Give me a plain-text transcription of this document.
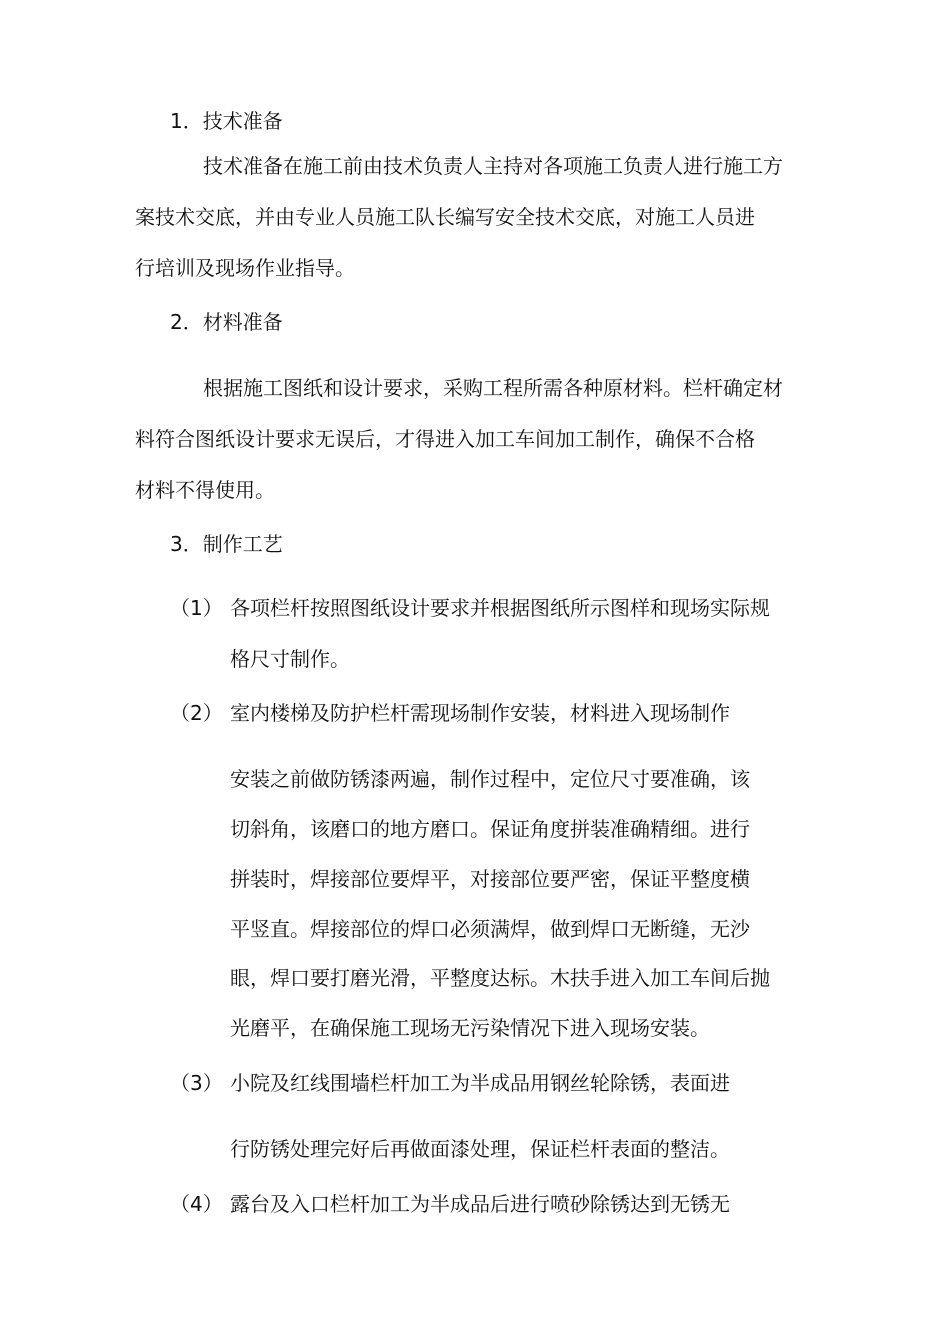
1．技术准备
技术准备在施工前由技术负责人主持对各项施工负责人进行施工方
案技术交底，并由专业人员施工队长编写安全技术交底，对施工人员进
行培训及现场作业指导。
2．材料准备
根据施工图纸和设计要求，采购工程所需各种原材料。栏杆确定材
料符合图纸设计要求无误后，才得进入加工车间加工制作，确保不合格
材料不得使用。
3．制作工艺
（1） 各项栏杆按照图纸设计要求并根据图纸所示图样和现场实际规
格尺寸制作。
（2） 室内楼梯及防护栏杆需现场制作安装，材料进入现场制作
安装之前做防锈漆两遍，制作过程中，定位尺寸要准确，该
切斜角，该磨口的地方磨口。保证角度拼装准确精细。进行
拼装时，焊接部位要焊平，对接部位要严密，保证平整度横
平竖直。焊接部位的焊口必须满焊，做到焊口无断缝，无沙
眼，焊口要打磨光滑，平整度达标。木扶手进入加工车间后抛
光磨平，在确保施工现场无污染情况下进入现场安装。
（3） 小院及红线围墙栏杆加工为半成品用钢丝轮除锈，表面进
行防锈处理完好后再做面漆处理，保证栏杆表面的整洁。
（4） 露台及入口栏杆加工为半成品后进行喷砂除锈达到无锈无
